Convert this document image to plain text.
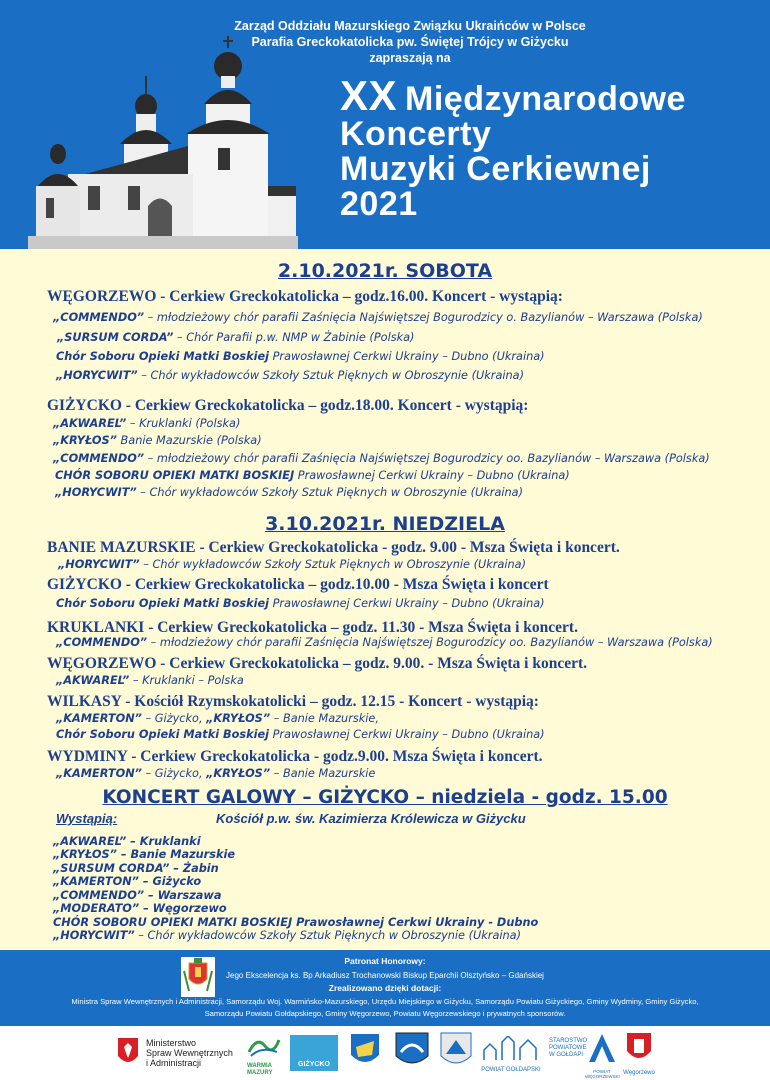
Zarząd Oddziału Mazurskiego Związku Ukraińców w Polsce
Parafia Greckokatolicka pw. Świętej Trójcy w Giżycku
zapraszają na
XX Międzynarodowe
Koncerty
Muzyki Cerkiewnej
2021
2.10.2021r. SOBOTA
WĘGORZEWO - Cerkiew Greckokatolicka – godz.16.00. Koncert - wystąpią:
„COMMENDO” – młodzieżowy chór parafii Zaśnięcia Najświętszej Bogurodzicy o. Bazylianów – Warszawa (Polska)
„SURSUM CORDA” – Chór Parafii p.w. NMP w Żabinie (Polska)
Chór Soboru Opieki Matki Boskiej Prawosławnej Cerkwi Ukrainy – Dubno (Ukraina)
„HORYCWIT” – Chór wykładowców Szkoły Sztuk Pięknych w Obroszynie (Ukraina)
GIŻYCKO - Cerkiew Greckokatolicka – godz.18.00. Koncert - wystąpią:
„AKWAREL” – Kruklanki (Polska)
„KRYŁOS” Banie Mazurskie (Polska)
„COMMENDO” – młodzieżowy chór parafii Zaśnięcia Najświętszej Bogurodzicy oo. Bazylianów – Warszawa (Polska)
CHÓR SOBORU OPIEKI MATKI BOSKIEJ Prawosławnej Cerkwi Ukrainy – Dubno (Ukraina)
„HORYCWIT” – Chór wykładowców Szkoły Sztuk Pięknych w Obroszynie (Ukraina)
3.10.2021r. NIEDZIELA
BANIE MAZURSKIE - Cerkiew Greckokatolicka - godz. 9.00 - Msza Święta i koncert.
„HORYCWIT” – Chór wykładowców Szkoły Sztuk Pięknych w Obroszynie (Ukraina)
GIŻYCKO - Cerkiew Greckokatolicka – godz.10.00 - Msza Święta i koncert
Chór Soboru Opieki Matki Boskiej Prawosławnej Cerkwi Ukrainy – Dubno (Ukraina)
KRUKLANKI - Cerkiew Greckokatolicka – godz. 11.30 - Msza Święta i koncert.
„COMMENDO” – młodzieżowy chór parafii Zaśnięcia Najświętszej Bogurodzicy oo. Bazylianów – Warszawa (Polska)
WĘGORZEWO - Cerkiew Greckokatolicka – godz. 9.00. - Msza Święta i koncert.
„AKWAREL” – Kruklanki – Polska
WILKASY - Kościół Rzymskokatolicki – godz. 12.15 - Koncert - wystąpią:
„KAMERTON” – Giżycko, „KRYŁOS” – Banie Mazurskie,
Chór Soboru Opieki Matki Boskiej Prawosławnej Cerkwi Ukrainy – Dubno (Ukraina)
WYDMINY - Cerkiew Greckokatolicka - godz.9.00. Msza Święta i koncert.
„KAMERTON” – Giżycko, „KRYŁOS” – Banie Mazurskie
KONCERT GALOWY – GIŻYCKO – niedziela - godz. 15.00
Wystąpią:	Kościół p.w. św. Kazimierza Królewicza w Giżycku
„AKWAREL” – Kruklanki
„KRYŁOS” – Banie Mazurskie
„SURSUM CORDA” – Żabin
„KAMERTON” – Giżycko
„COMMENDO” – Warszawa
„MODERATO” – Węgorzewo
CHÓR SOBORU OPIEKI MATKI BOSKIEJ Prawosławnej Cerkwi Ukrainy - Dubno
„HORYCWIT” – Chór wykładowców Szkoły Sztuk Pięknych w Obroszynie (Ukraina)
Patronat Honorowy:
Jego Ekscelencja ks. Bp Arkadiusz Trochanowski Biskup Eparchii Olsztyńsko – Gdańskiej
Zrealizowano dzięki dotacji:
Ministra Spraw Wewnętrznych i Administracji, Samorządu Woj. Warmińsko-Mazurskiego, Urzędu Miejskiego w Giżycku, Samorządu Powiatu Giżyckiego, Gminy Wydminy, Gminy Giżycko,
Samorządu Powiatu Gołdapskiego, Gminy Węgorzewo, Powiatu Węgorzewskiego i prywatnych sponsorów.
Ministerstwo
Spraw Wewnętrznych
i Administracji	WARMIA MAZURY
GIŻYCKO
POWIAT GOŁDAPSKI
STAROSTWO
POWIATOWE
W GOŁDAPI
POWIAT WĘGORZEWSKI
Węgorzewo
